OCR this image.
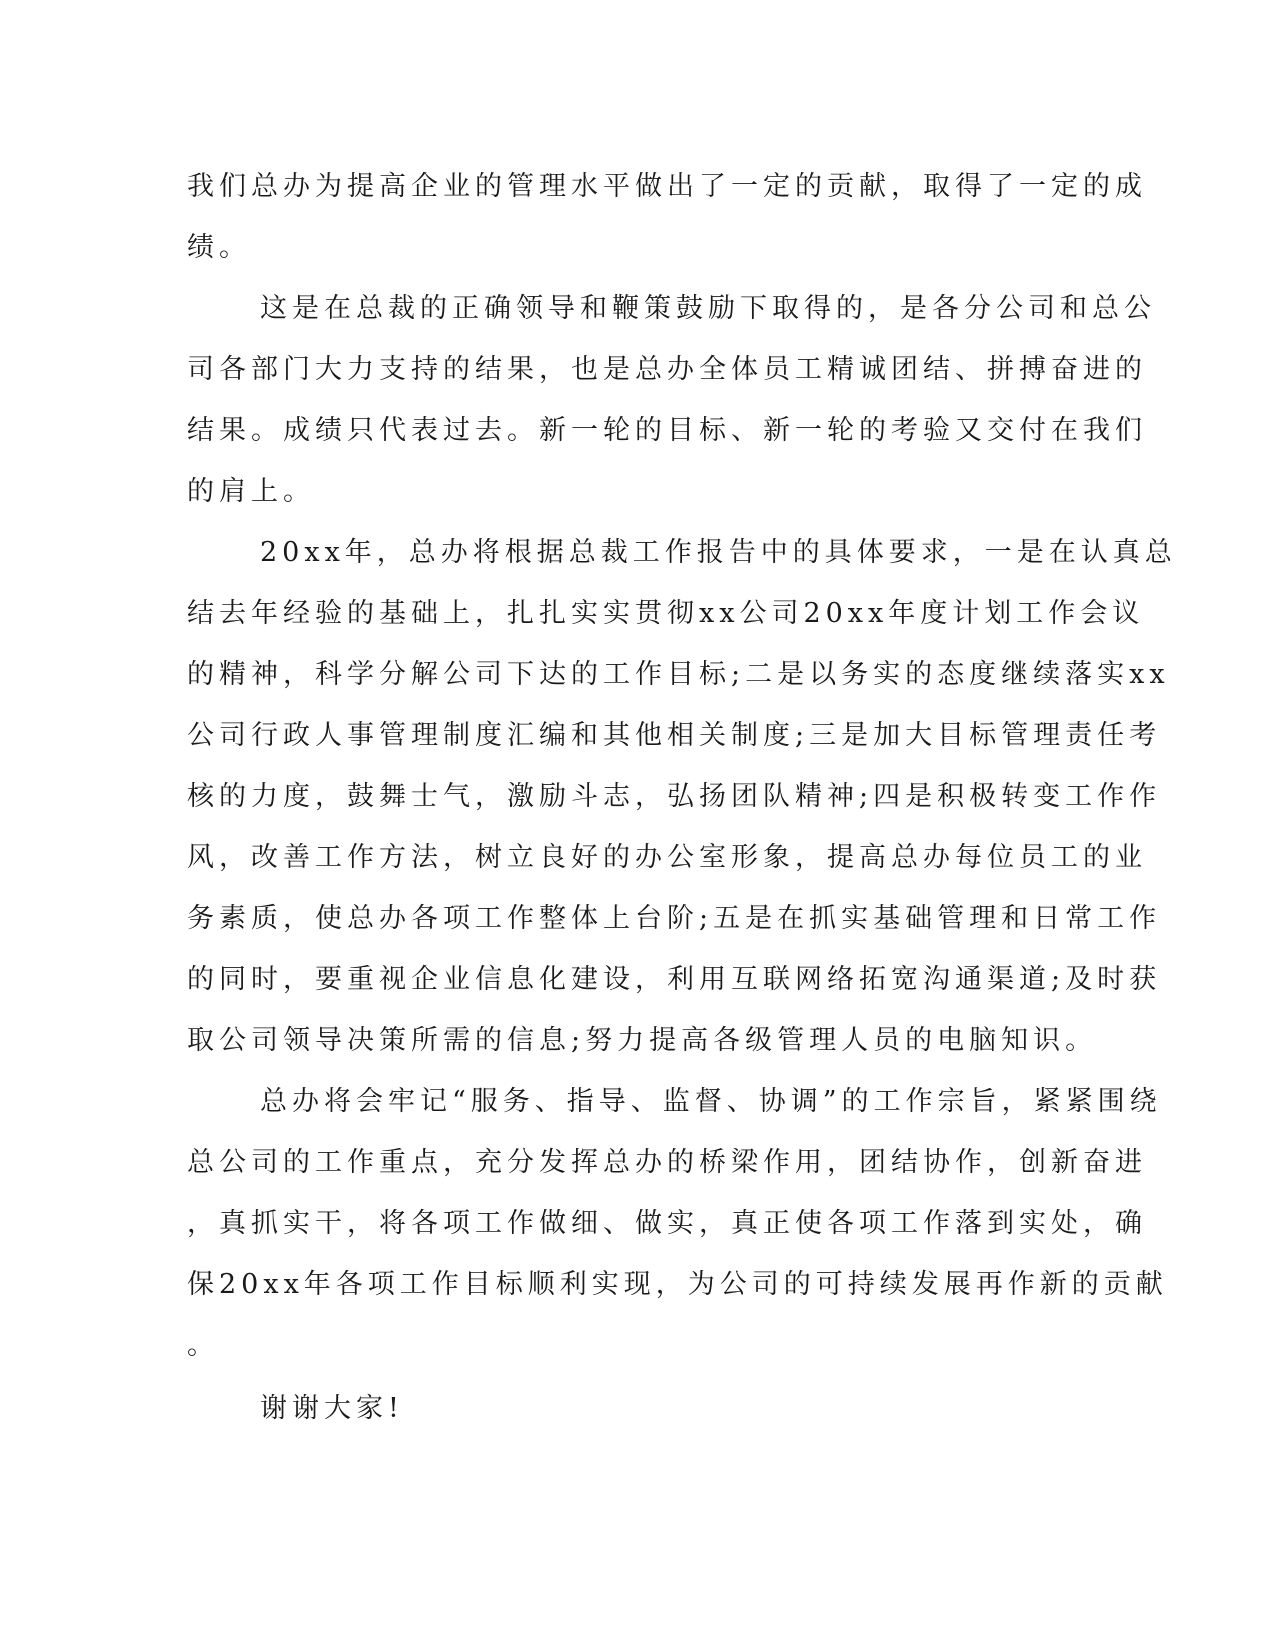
我们总办为提高企业的管理水平做出了一定的贡献，取得了一定的成
绩。
这是在总裁的正确领导和鞭策鼓励下取得的，是各分公司和总公
司各部门大力支持的结果，也是总办全体员工精诚团结、拼搏奋进的
结果。成绩只代表过去。新一轮的目标、新一轮的考验又交付在我们
的肩上。
20xx年，总办将根据总裁工作报告中的具体要求，一是在认真总
结去年经验的基础上，扎扎实实贯彻xx公司20xx年度计划工作会议
的精神，科学分解公司下达的工作目标;二是以务实的态度继续落实xx
公司行政人事管理制度汇编和其他相关制度;三是加大目标管理责任考
核的力度，鼓舞士气，激励斗志，弘扬团队精神;四是积极转变工作作
风，改善工作方法，树立良好的办公室形象，提高总办每位员工的业
务素质，使总办各项工作整体上台阶;五是在抓实基础管理和日常工作
的同时，要重视企业信息化建设，利用互联网络拓宽沟通渠道;及时获
取公司领导决策所需的信息;努力提高各级管理人员的电脑知识。
总办将会牢记“服务、指导、监督、协调”的工作宗旨，紧紧围绕
总公司的工作重点，充分发挥总办的桥梁作用，团结协作，创新奋进
，真抓实干，将各项工作做细、做实，真正使各项工作落到实处，确
保20xx年各项工作目标顺利实现，为公司的可持续发展再作新的贡献
。
谢谢大家!
